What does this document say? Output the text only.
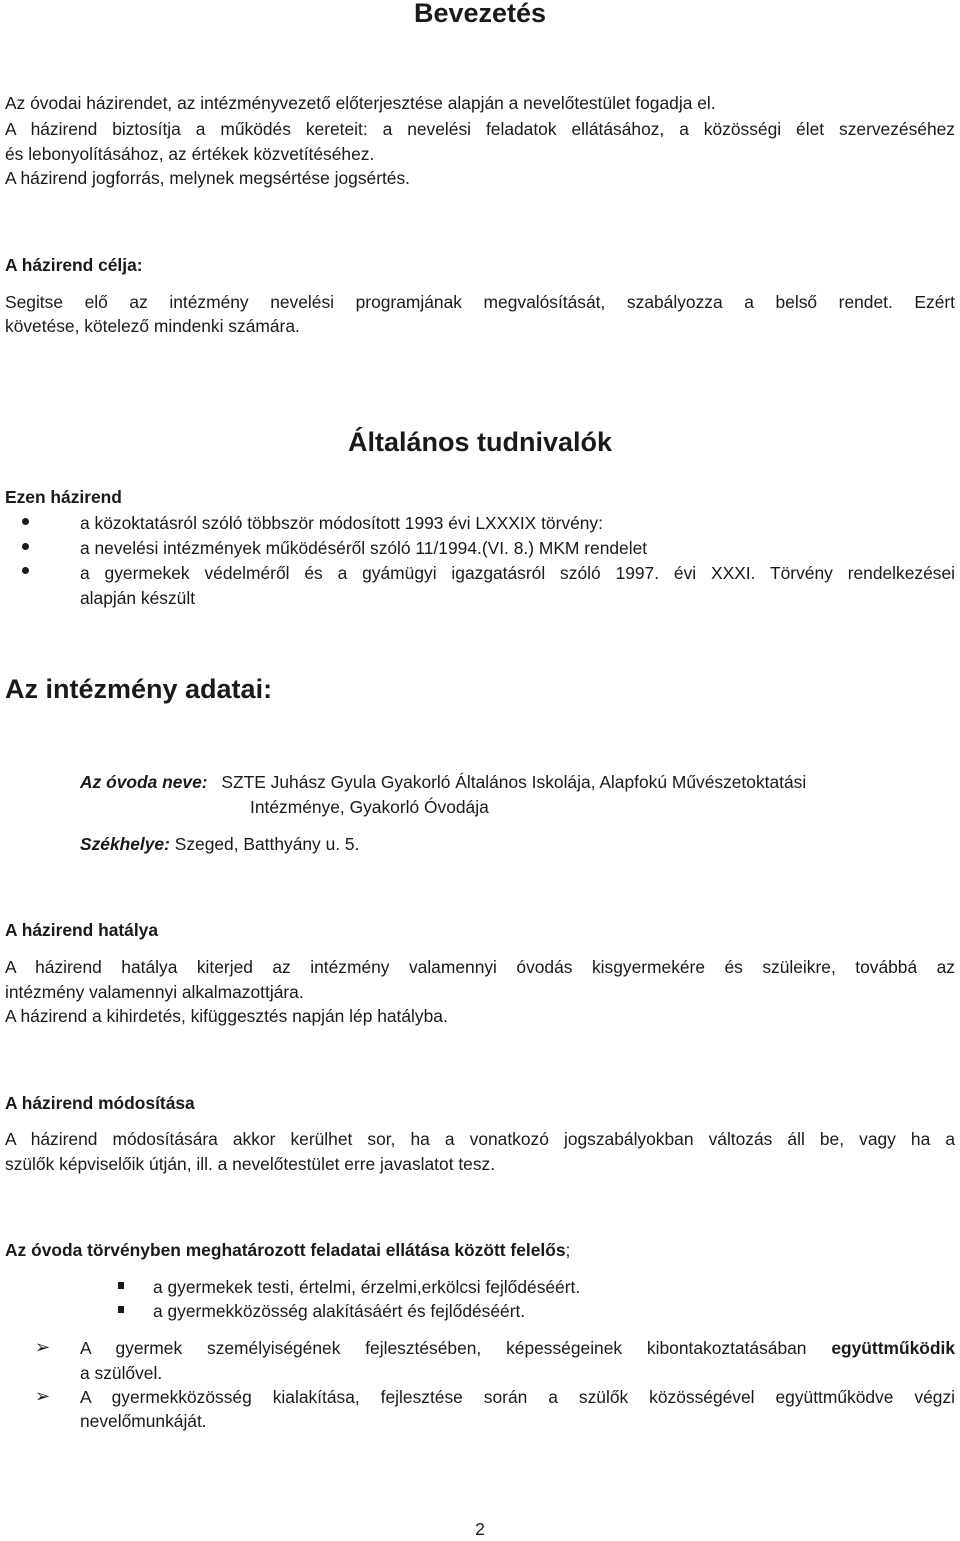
Bevezetés
Az óvodai házirendet, az intézményvezető előterjesztése alapján a nevelőtestület fogadja el.
A házirend biztosítja a működés kereteit: a nevelési feladatok ellátásához, a közösségi élet szervezéséhez
és lebonyolításához, az értékek közvetítéséhez.
A házirend jogforrás, melynek megsértése jogsértés.
A házirend célja:
Segitse elő az intézmény nevelési programjának megvalósítását, szabályozza a belső rendet. Ezért
követése, kötelező mindenki számára.
Általános tudnivalók
Ezen házirend
a közoktatásról szóló többször módosított 1993 évi LXXXIX törvény:
a nevelési intézmények működéséről szóló 11/1994.(VI. 8.) MKM rendelet
a gyermekek védelméről és a gyámügyi igazgatásról szóló 1997. évi XXXI. Törvény rendelkezései
alapján készült
Az intézmény adatai:
Az óvoda neve: SZTE Juhász Gyula Gyakorló Általános Iskolája, Alapfokú Művészetoktatási
Intézménye, Gyakorló Óvodája
Székhelye: Szeged, Batthyány u. 5.
A házirend hatálya
A házirend hatálya kiterjed az intézmény valamennyi óvodás kisgyermekére és szüleikre, továbbá az
intézmény valamennyi alkalmazottjára.
A házirend a kihirdetés, kifüggesztés napján lép hatályba.
A házirend módosítása
A házirend módosítására akkor kerülhet sor, ha a vonatkozó jogszabályokban változás áll be, vagy ha a
szülők képviselőik útján, ill. a nevelőtestület erre javaslatot tesz.
Az óvoda törvényben meghatározott feladatai ellátása között felelős;
a gyermekek testi, értelmi, érzelmi,erkölcsi fejlődéséért.
a gyermekközösség alakításáért és fejlődéséért.
➢ A gyermek személyiségének fejlesztésében, képességeinek kibontakoztatásában együttműködik
a szülővel.
➢ A gyermekközösség kialakítása, fejlesztése során a szülők közösségével együttműködve végzi
nevelőmunkáját.
2
